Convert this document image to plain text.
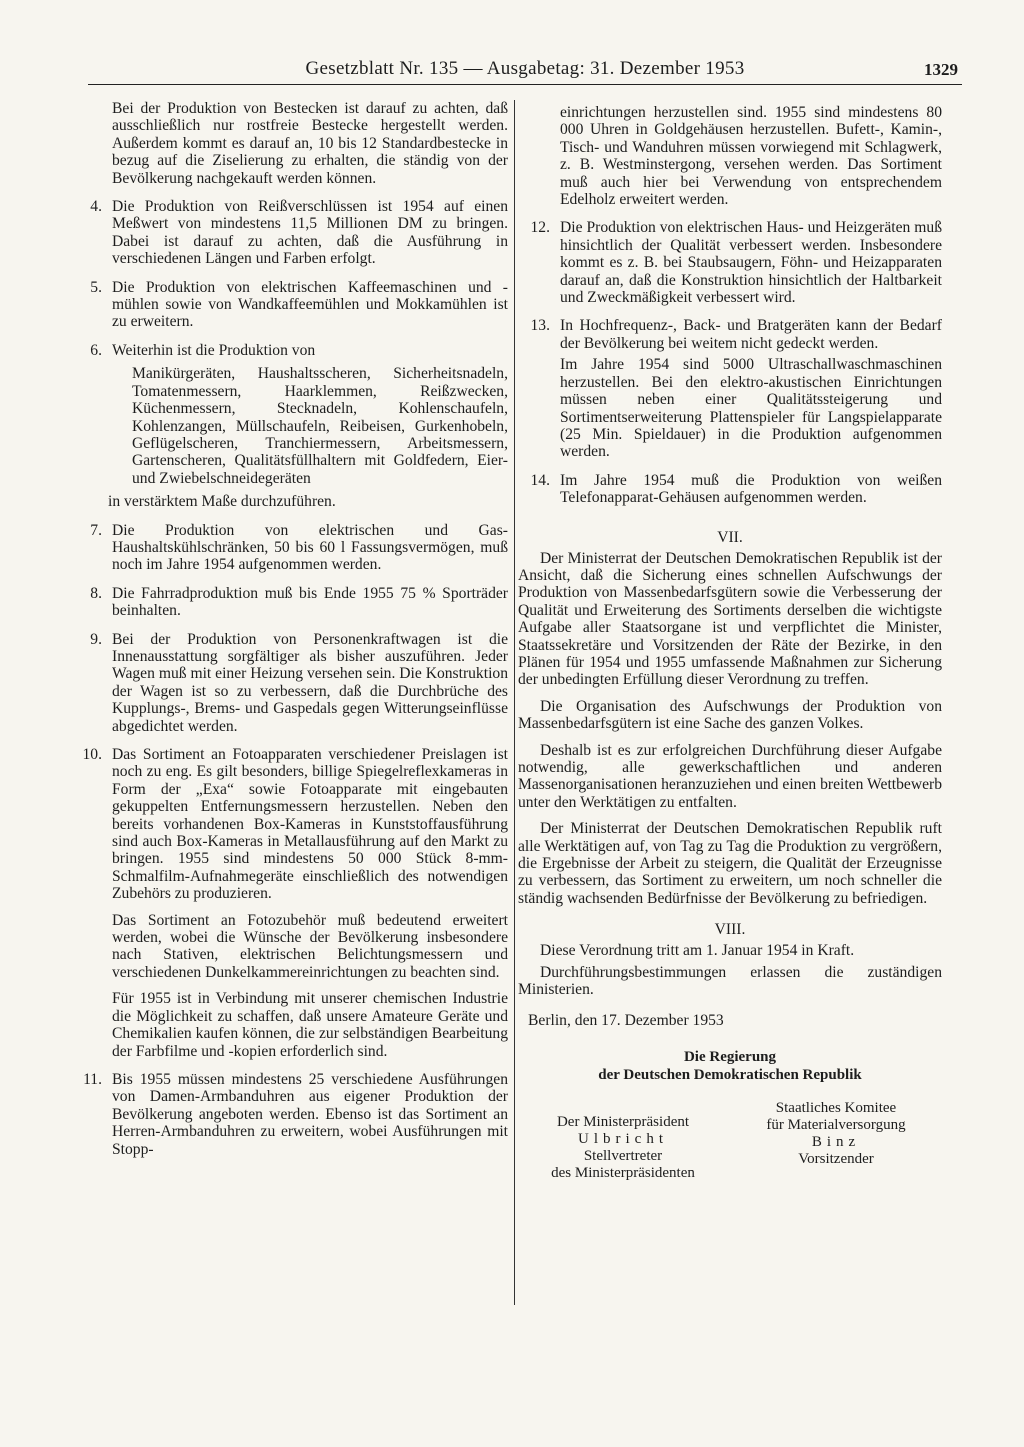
Gesetzblatt Nr. 135 — Ausgabetag: 31. Dezember 1953	1329

Bei der Produktion von Bestecken ist darauf zu achten, daß ausschließlich nur rostfreie Bestecke hergestellt werden. Außerdem kommt es darauf an, 10 bis 12 Standardbestecke in bezug auf die Ziselierung zu erhalten, die ständig von der Bevölkerung nachgekauft werden können.

4. Die Produktion von Reißverschlüssen ist 1954 auf einen Meßwert von mindestens 11,5 Millionen DM zu bringen. Dabei ist darauf zu achten, daß die Ausführung in verschiedenen Längen und Farben erfolgt.
5. Die Produktion von elektrischen Kaffeemaschinen und -mühlen sowie von Wandkaffeemühlen und Mokkamühlen ist zu erweitern.
6. Weiterhin ist die Produktion von

Manikürgeräten, Haushaltsscheren, Sicherheitsnadeln, Tomatenmessern, Haarklemmen, Reißzwecken, Küchenmessern, Stecknadeln, Kohlenschaufeln, Kohlenzangen, Müllschaufeln, Reibeisen, Gurkenhobeln, Geflügelscheren, Tranchiermessern, Arbeitsmessern, Gartenscheren, Qualitätsfüllhaltern mit Goldfedern, Eier- und Zwiebelschneidegeräten

in verstärktem Maße durchzuführen.

7. Die Produktion von elektrischen und Gas-Haushaltskühlschränken, 50 bis 60 l Fassungsvermögen, muß noch im Jahre 1954 aufgenommen werden.
8. Die Fahrradproduktion muß bis Ende 1955 75 % Sporträder beinhalten.
9. Bei der Produktion von Personenkraftwagen ist die Innenausstattung sorgfältiger als bisher auszuführen. Jeder Wagen muß mit einer Heizung versehen sein. Die Konstruktion der Wagen ist so zu verbessern, daß die Durchbrüche des Kupplungs-, Brems- und Gaspedals gegen Witterungseinflüsse abgedichtet werden.
10. Das Sortiment an Fotoapparaten verschiedener Preislagen ist noch zu eng. Es gilt besonders, billige Spiegelreflexkameras in Form der „Exa“ sowie Fotoapparate mit eingebauten gekuppelten Entfernungsmessern herzustellen. Neben den bereits vorhandenen Box-Kameras in Kunststoffausführung sind auch Box-Kameras in Metallausführung auf den Markt zu bringen. 1955 sind mindestens 50 000 Stück 8-mm-Schmalfilm-Aufnahmegeräte einschließlich des notwendigen Zubehörs zu produzieren.

Das Sortiment an Fotozubehör muß bedeutend erweitert werden, wobei die Wünsche der Bevölkerung insbesondere nach Stativen, elektrischen Belichtungsmessern und verschiedenen Dunkelkammereinrichtungen zu beachten sind.

Für 1955 ist in Verbindung mit unserer chemischen Industrie die Möglichkeit zu schaffen, daß unsere Amateure Geräte und Chemikalien kaufen können, die zur selbständigen Bearbeitung der Farbfilme und -kopien erforderlich sind.

11. Bis 1955 müssen mindestens 25 verschiedene Ausführungen von Damen-Armbanduhren aus eigener Produktion der Bevölkerung angeboten werden. Ebenso ist das Sortiment an Herren-Armbanduhren zu erweitern, wobei Ausführungen mit Stopp-

einrichtungen herzustellen sind. 1955 sind mindestens 80 000 Uhren in Goldgehäusen herzustellen. Bufett-, Kamin-, Tisch- und Wanduhren müssen vorwiegend mit Schlagwerk, z. B. Westminstergong, versehen werden. Das Sortiment muß auch hier bei Verwendung von entsprechendem Edelholz erweitert werden.

12. Die Produktion von elektrischen Haus- und Heizgeräten muß hinsichtlich der Qualität verbessert werden. Insbesondere kommt es z. B. bei Staubsaugern, Föhn- und Heizapparaten darauf an, daß die Konstruktion hinsichtlich der Haltbarkeit und Zweckmäßigkeit verbessert wird.
13. In Hochfrequenz-, Back- und Bratgeräten kann der Bedarf der Bevölkerung bei weitem nicht gedeckt werden.

Im Jahre 1954 sind 5000 Ultraschallwaschmaschinen herzustellen. Bei den elektro-akustischen Einrichtungen müssen neben einer Qualitätssteigerung und Sortimentserweiterung Plattenspieler für Langspielapparate (25 Min. Spieldauer) in die Produktion aufgenommen werden.

14. Im Jahre 1954 muß die Produktion von weißen Telefonapparat-Gehäusen aufgenommen werden.
VII.

Der Ministerrat der Deutschen Demokratischen Republik ist der Ansicht, daß die Sicherung eines schnellen Aufschwungs der Produktion von Massenbedarfsgütern sowie die Verbesserung der Qualität und Erweiterung des Sortiments derselben die wichtigste Aufgabe aller Staatsorgane ist und verpflichtet die Minister, Staatssekretäre und Vorsitzenden der Räte der Bezirke, in den Plänen für 1954 und 1955 umfassende Maßnahmen zur Sicherung der unbedingten Erfüllung dieser Verordnung zu treffen.

Die Organisation des Aufschwungs der Produktion von Massenbedarfsgütern ist eine Sache des ganzen Volkes.

Deshalb ist es zur erfolgreichen Durchführung dieser Aufgabe notwendig, alle gewerkschaftlichen und anderen Massenorganisationen heranzuziehen und einen breiten Wettbewerb unter den Werktätigen zu entfalten.

Der Ministerrat der Deutschen Demokratischen Republik ruft alle Werktätigen auf, von Tag zu Tag die Produktion zu vergrößern, die Ergebnisse der Arbeit zu steigern, die Qualität der Erzeugnisse zu verbessern, das Sortiment zu erweitern, um noch schneller die ständig wachsenden Bedürfnisse der Bevölkerung zu befriedigen.

VIII.

Diese Verordnung tritt am 1. Januar 1954 in Kraft.

Durchführungsbestimmungen erlassen die zuständigen Ministerien.

Berlin, den 17. Dezember 1953

Die Regierung
der Deutschen Demokratischen Republik
Der Ministerpräsident
Ulbricht
Stellvertreter
des Ministerpräsidenten
Staatliches Komitee
für Materialversorgung
Binz
Vorsitzender
